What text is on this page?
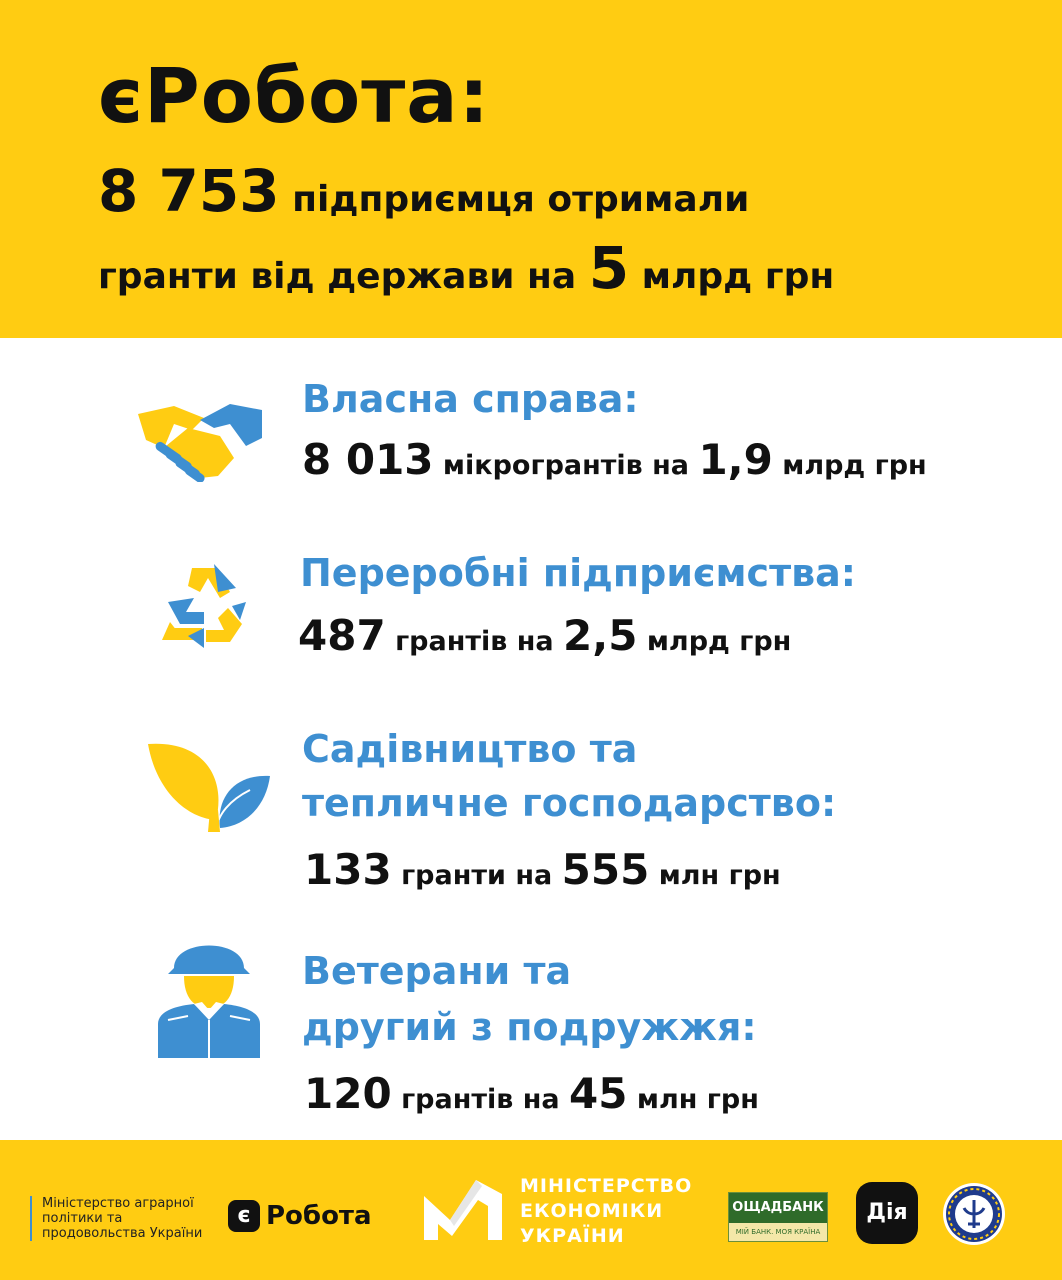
єРобота:
8 753 підприємця отримали
гранти від держави на 5 млрд грн
Власна справа:
8 013 мікрогрантів на 1,9 млрд грн
Переробні підприємства:
487 грантів на 2,5 млрд грн
Садівництво та
тепличне господарство:
133 гранти на 555 млн грн
Ветерани та
другий з подружжя:
120 грантів на 45 млн грн
Міністерство аграрної політики та продовольства України
є Робота
МІНІСТЕРСТВО
ЕКОНОМІКИ
УКРАЇНИ
ОЩАДБАНК
МІЙ БАНК. МОЯ КРАЇНА
Дія
